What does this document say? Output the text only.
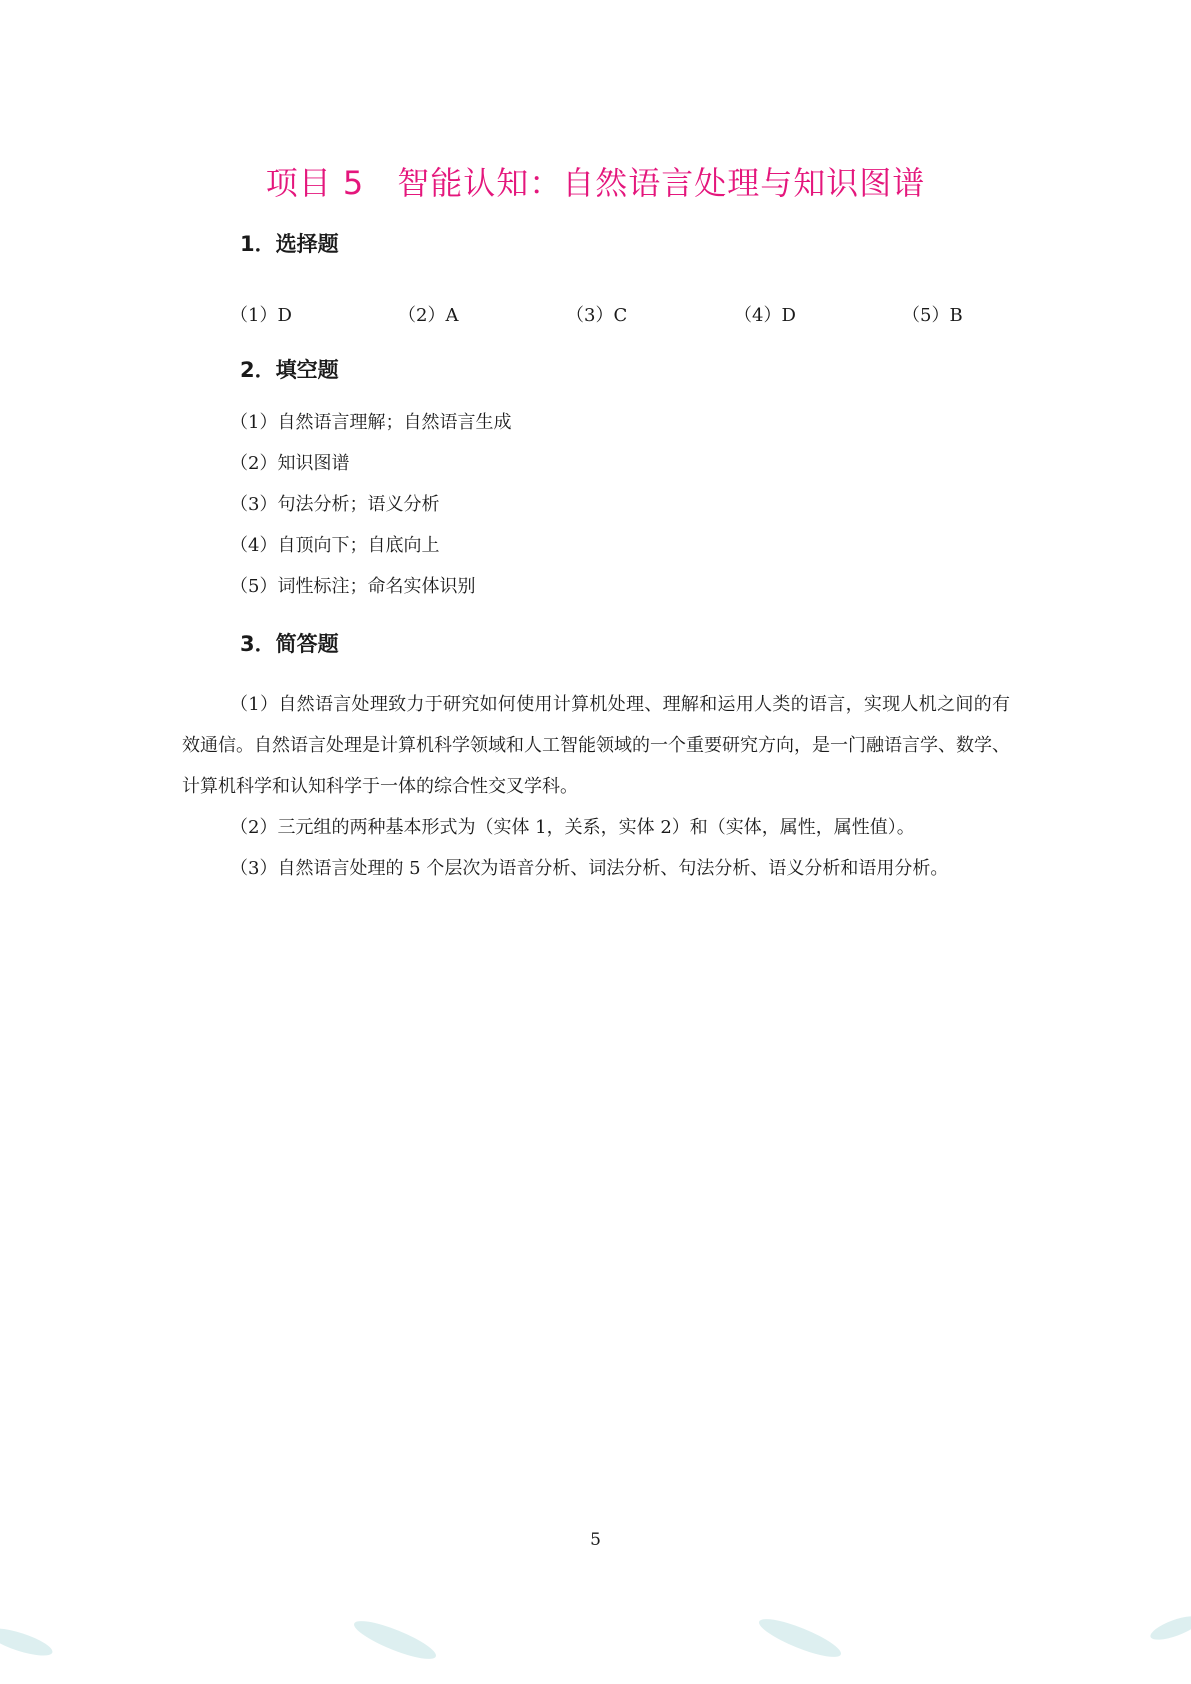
项目 5　智能认知：自然语言处理与知识图谱
1．选择题
（1）D	（2）A	（3）C	（4）D	（5）B
2．填空题
（1）自然语言理解；自然语言生成
（2）知识图谱
（3）句法分析；语义分析
（4）自顶向下；自底向上
（5）词性标注；命名实体识别
3．简答题

（1）自然语言处理致力于研究如何使用计算机处理、理解和运用人类的语言，实现人机之间的有效通信。自然语言处理是计算机科学领域和人工智能领域的一个重要研究方向，是一门融语言学、数学、计算机科学和认知科学于一体的综合性交叉学科。

（2）三元组的两种基本形式为（实体 1，关系，实体 2）和（实体，属性，属性值）。

（3）自然语言处理的 5 个层次为语音分析、词法分析、句法分析、语义分析和语用分析。

5
